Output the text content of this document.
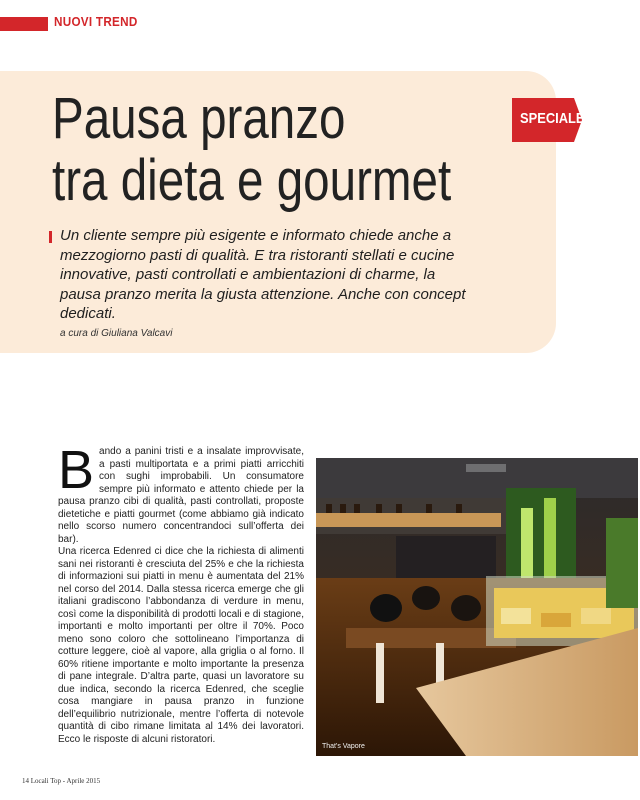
NUOVI TREND
Pausa pranzo
tra dieta e gourmet
SPECIALE

Un cliente sempre più esigente e informato chiede anche a mezzogiorno pasti di qualità. E tra ristoranti stellati e cucine innovative, pasti controllati e ambientazioni di charme, la pausa pranzo merita la giusta attenzione. Anche con concept dedicati.

a cura di Giuliana Valcavi
B ando a panini tristi e a insalate improvvisate, a pasti multiportata e a primi piatti arricchiti con sughi improbabili. Un consumatore sempre più informato e attento chiede per la pausa pranzo cibi di qualità, pasti controllati, proposte dietetiche e piatti gourmet (come abbiamo già indicato nello scorso numero concentrandoci sull’offerta dei bar).
Una ricerca Edenred ci dice che la richiesta di alimenti sani nei ristoranti è cresciuta del 25% e che la richiesta di informazioni sui piatti in menu è aumentata del 21% nel corso del 2014. Dalla stessa ricerca emerge che gli italiani gradiscono l’abbondanza di verdure in menu, così come la disponibilità di prodotti locali e di stagione, importanti e molto importanti per oltre il 70%. Poco meno sono coloro che sottolineano l’importanza di cotture leggere, cioè al vapore, alla griglia o al forno. Il 60% ritiene importante e molto importante la presenza di pane integrale. D’altra parte, quasi un lavoratore su due indica, secondo la ricerca Edenred, che sceglie cosa mangiare in pausa pranzo in funzione dell’equilibrio nutrizionale, mentre l’offerta di notevole quantità di cibo rimane limitata al 14% dei lavoratori. Ecco le risposte di alcuni ristoratori.
That's Vapore
14 Locali Top - Aprile 2015
